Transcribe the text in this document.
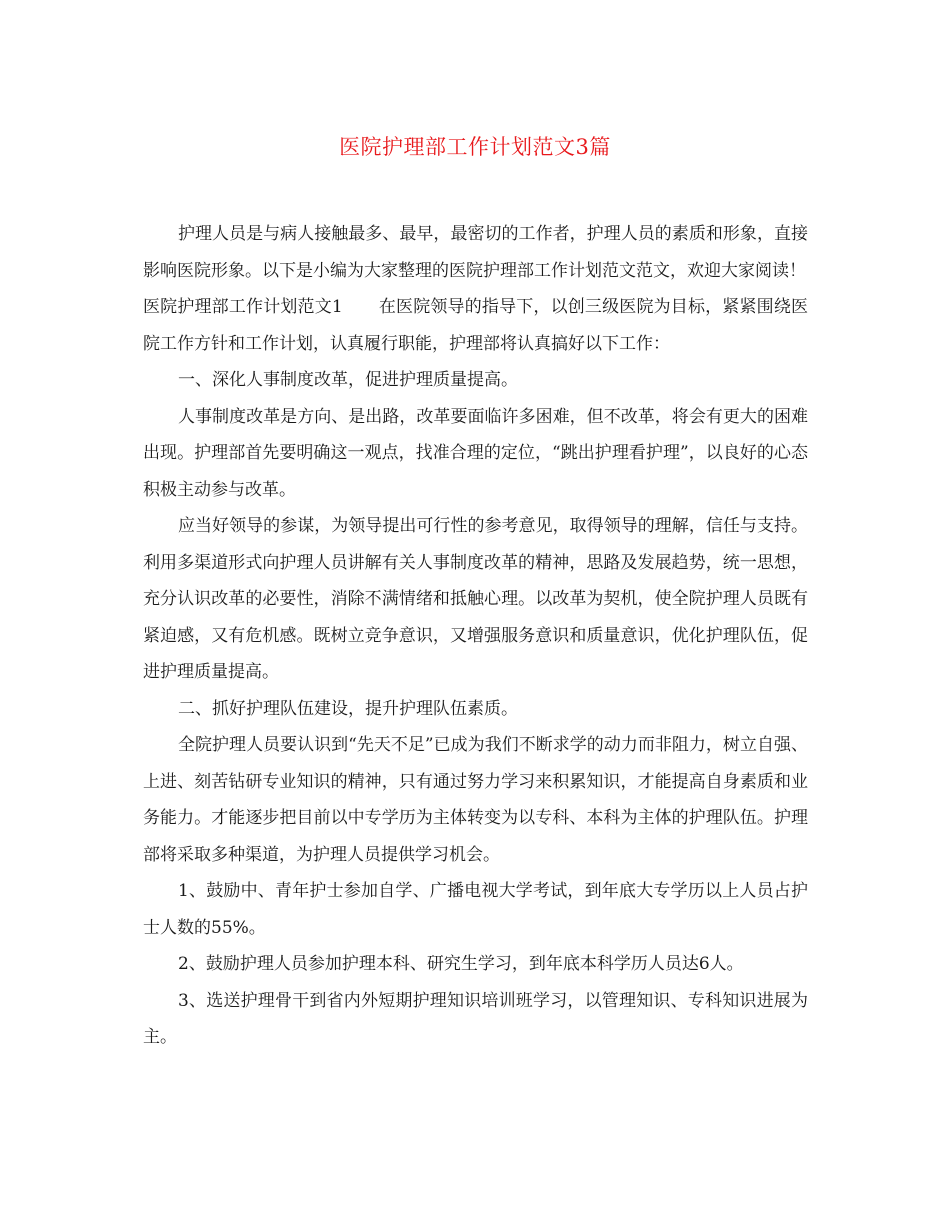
医院护理部工作计划范文3篇

护理人员是与病人接触最多、最早，最密切的工作者，护理人员的素质和形象，直接影响医院形象。以下是小编为大家整理的医院护理部工作计划范文范文，欢迎大家阅读！

医院护理部工作计划范文1 在医院领导的指导下，以创三级医院为目标，紧紧围绕医院工作方针和工作计划，认真履行职能，护理部将认真搞好以下工作：

一、深化人事制度改革，促进护理质量提高。

人事制度改革是方向、是出路，改革要面临许多困难，但不改革，将会有更大的困难出现。护理部首先要明确这一观点，找准合理的定位，“跳出护理看护理”，以良好的心态积极主动参与改革。

应当好领导的参谋，为领导提出可行性的参考意见，取得领导的理解，信任与支持。利用多渠道形式向护理人员讲解有关人事制度改革的精神，思路及发展趋势，统一思想，充分认识改革的必要性，消除不满情绪和抵触心理。以改革为契机，使全院护理人员既有紧迫感，又有危机感。既树立竞争意识，又增强服务意识和质量意识，优化护理队伍，促进护理质量提高。

二、抓好护理队伍建设，提升护理队伍素质。

全院护理人员要认识到“先天不足”已成为我们不断求学的动力而非阻力，树立自强、上进、刻苦钻研专业知识的精神，只有通过努力学习来积累知识，才能提高自身素质和业务能力。才能逐步把目前以中专学历为主体转变为以专科、本科为主体的护理队伍。护理部将采取多种渠道，为护理人员提供学习机会。

1、鼓励中、青年护士参加自学、广播电视大学考试，到年底大专学历以上人员占护士人数的55%。

2、鼓励护理人员参加护理本科、研究生学习，到年底本科学历人员达6人。

3、选送护理骨干到省内外短期护理知识培训班学习，以管理知识、专科知识进展为主。
